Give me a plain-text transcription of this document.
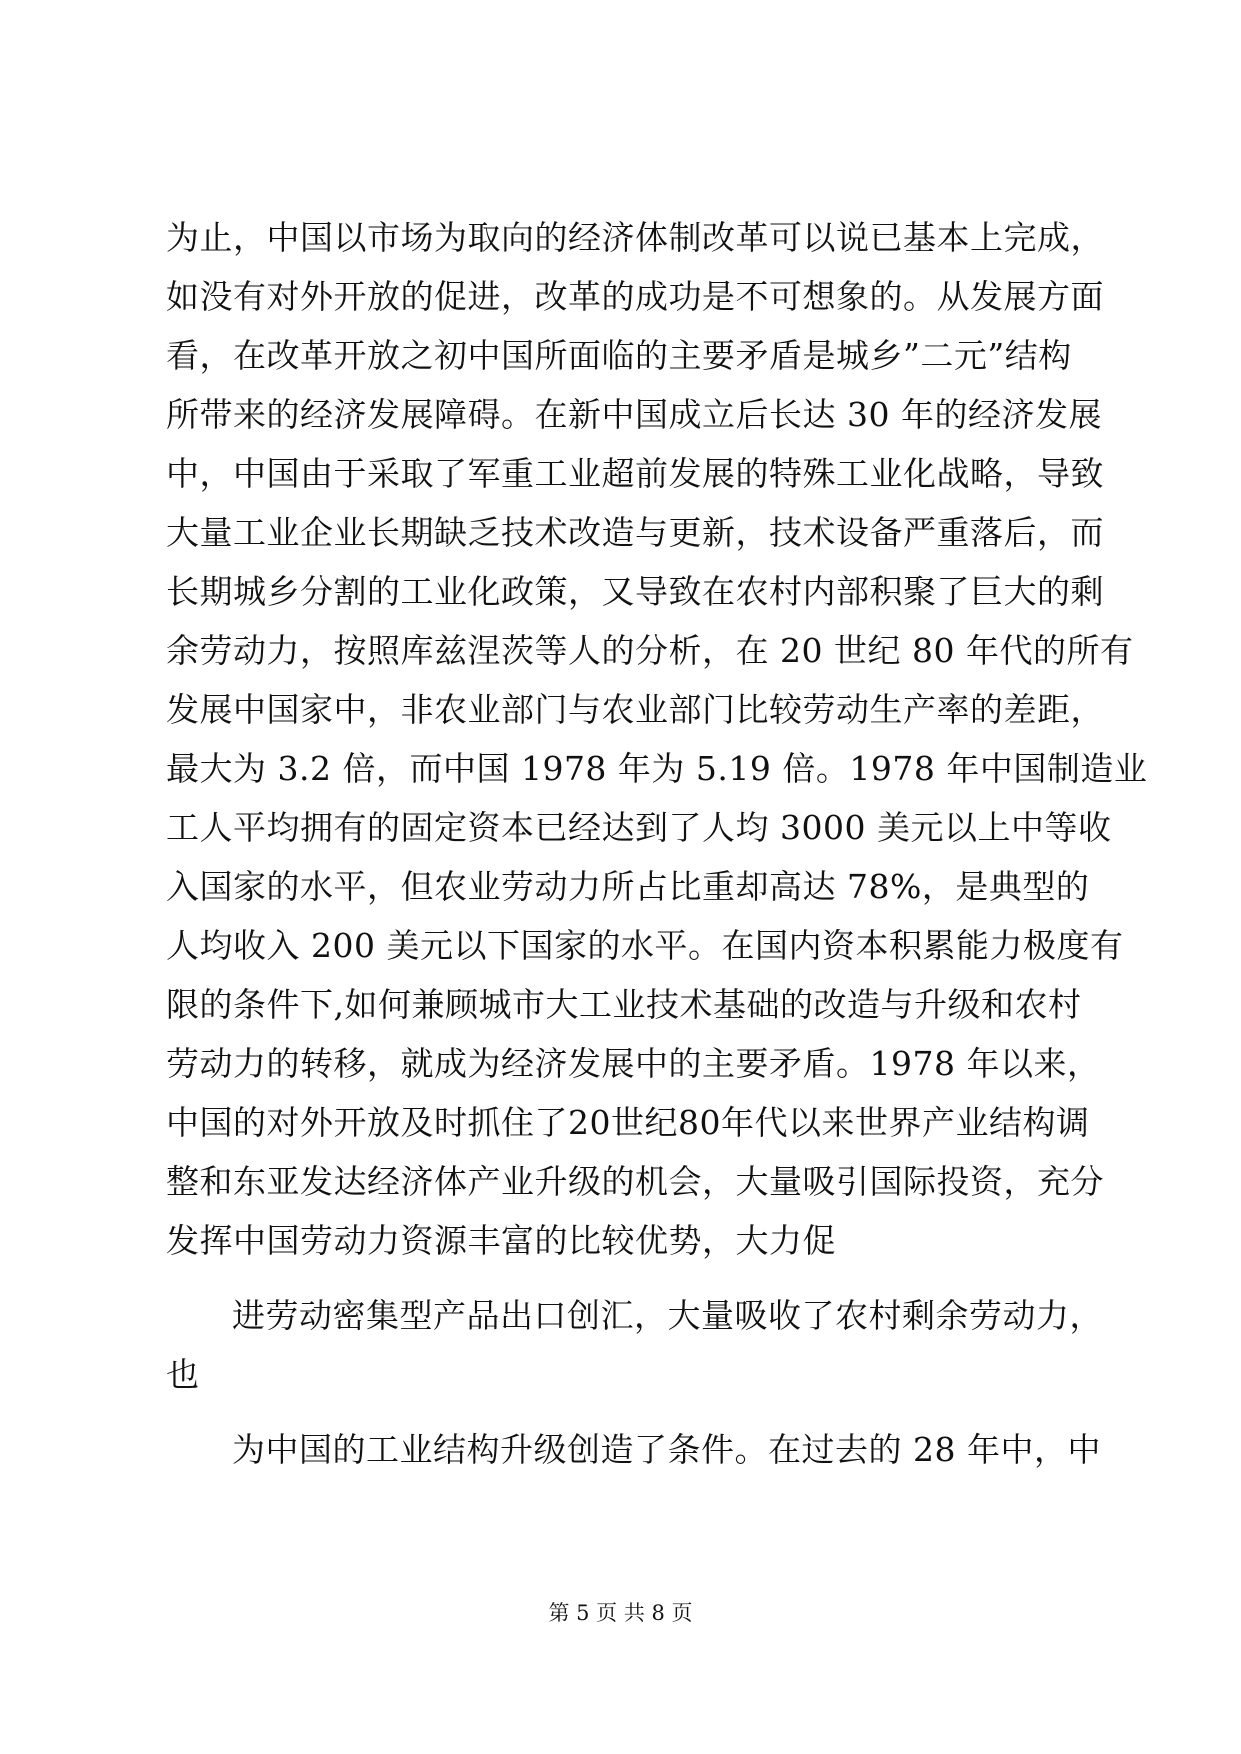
为止，中国以市场为取向的经济体制改革可以说已基本上完成，
如没有对外开放的促进，改革的成功是不可想象的。从发展方面
看，在改革开放之初中国所面临的主要矛盾是城乡”二元”结构
所带来的经济发展障碍。在新中国成立后长达 30 年的经济发展
中，中国由于采取了军重工业超前发展的特殊工业化战略，导致
大量工业企业长期缺乏技术改造与更新，技术设备严重落后，而
长期城乡分割的工业化政策，又导致在农村内部积聚了巨大的剩
余劳动力，按照库兹涅茨等人的分析，在 20 世纪 80 年代的所有
发展中国家中，非农业部门与农业部门比较劳动生产率的差距，
最大为 3.2 倍，而中国 1978 年为 5.19 倍。1978 年中国制造业
工人平均拥有的固定资本已经达到了人均 3000 美元以上中等收
入国家的水平，但农业劳动力所占比重却高达 78%，是典型的
人均收入 200 美元以下国家的水平。在国内资本积累能力极度有
限的条件下,如何兼顾城市大工业技术基础的改造与升级和农村
劳动力的转移，就成为经济发展中的主要矛盾。1978 年以来，
中国的对外开放及时抓住了20世纪80年代以来世界产业结构调
整和东亚发达经济体产业升级的机会，大量吸引国际投资，充分
发挥中国劳动力资源丰富的比较优势，大力促
进劳动密集型产品出口创汇，大量吸收了农村剩余劳动力，
也
为中国的工业结构升级创造了条件。在过去的 28 年中，中
第 5 页 共 8 页
